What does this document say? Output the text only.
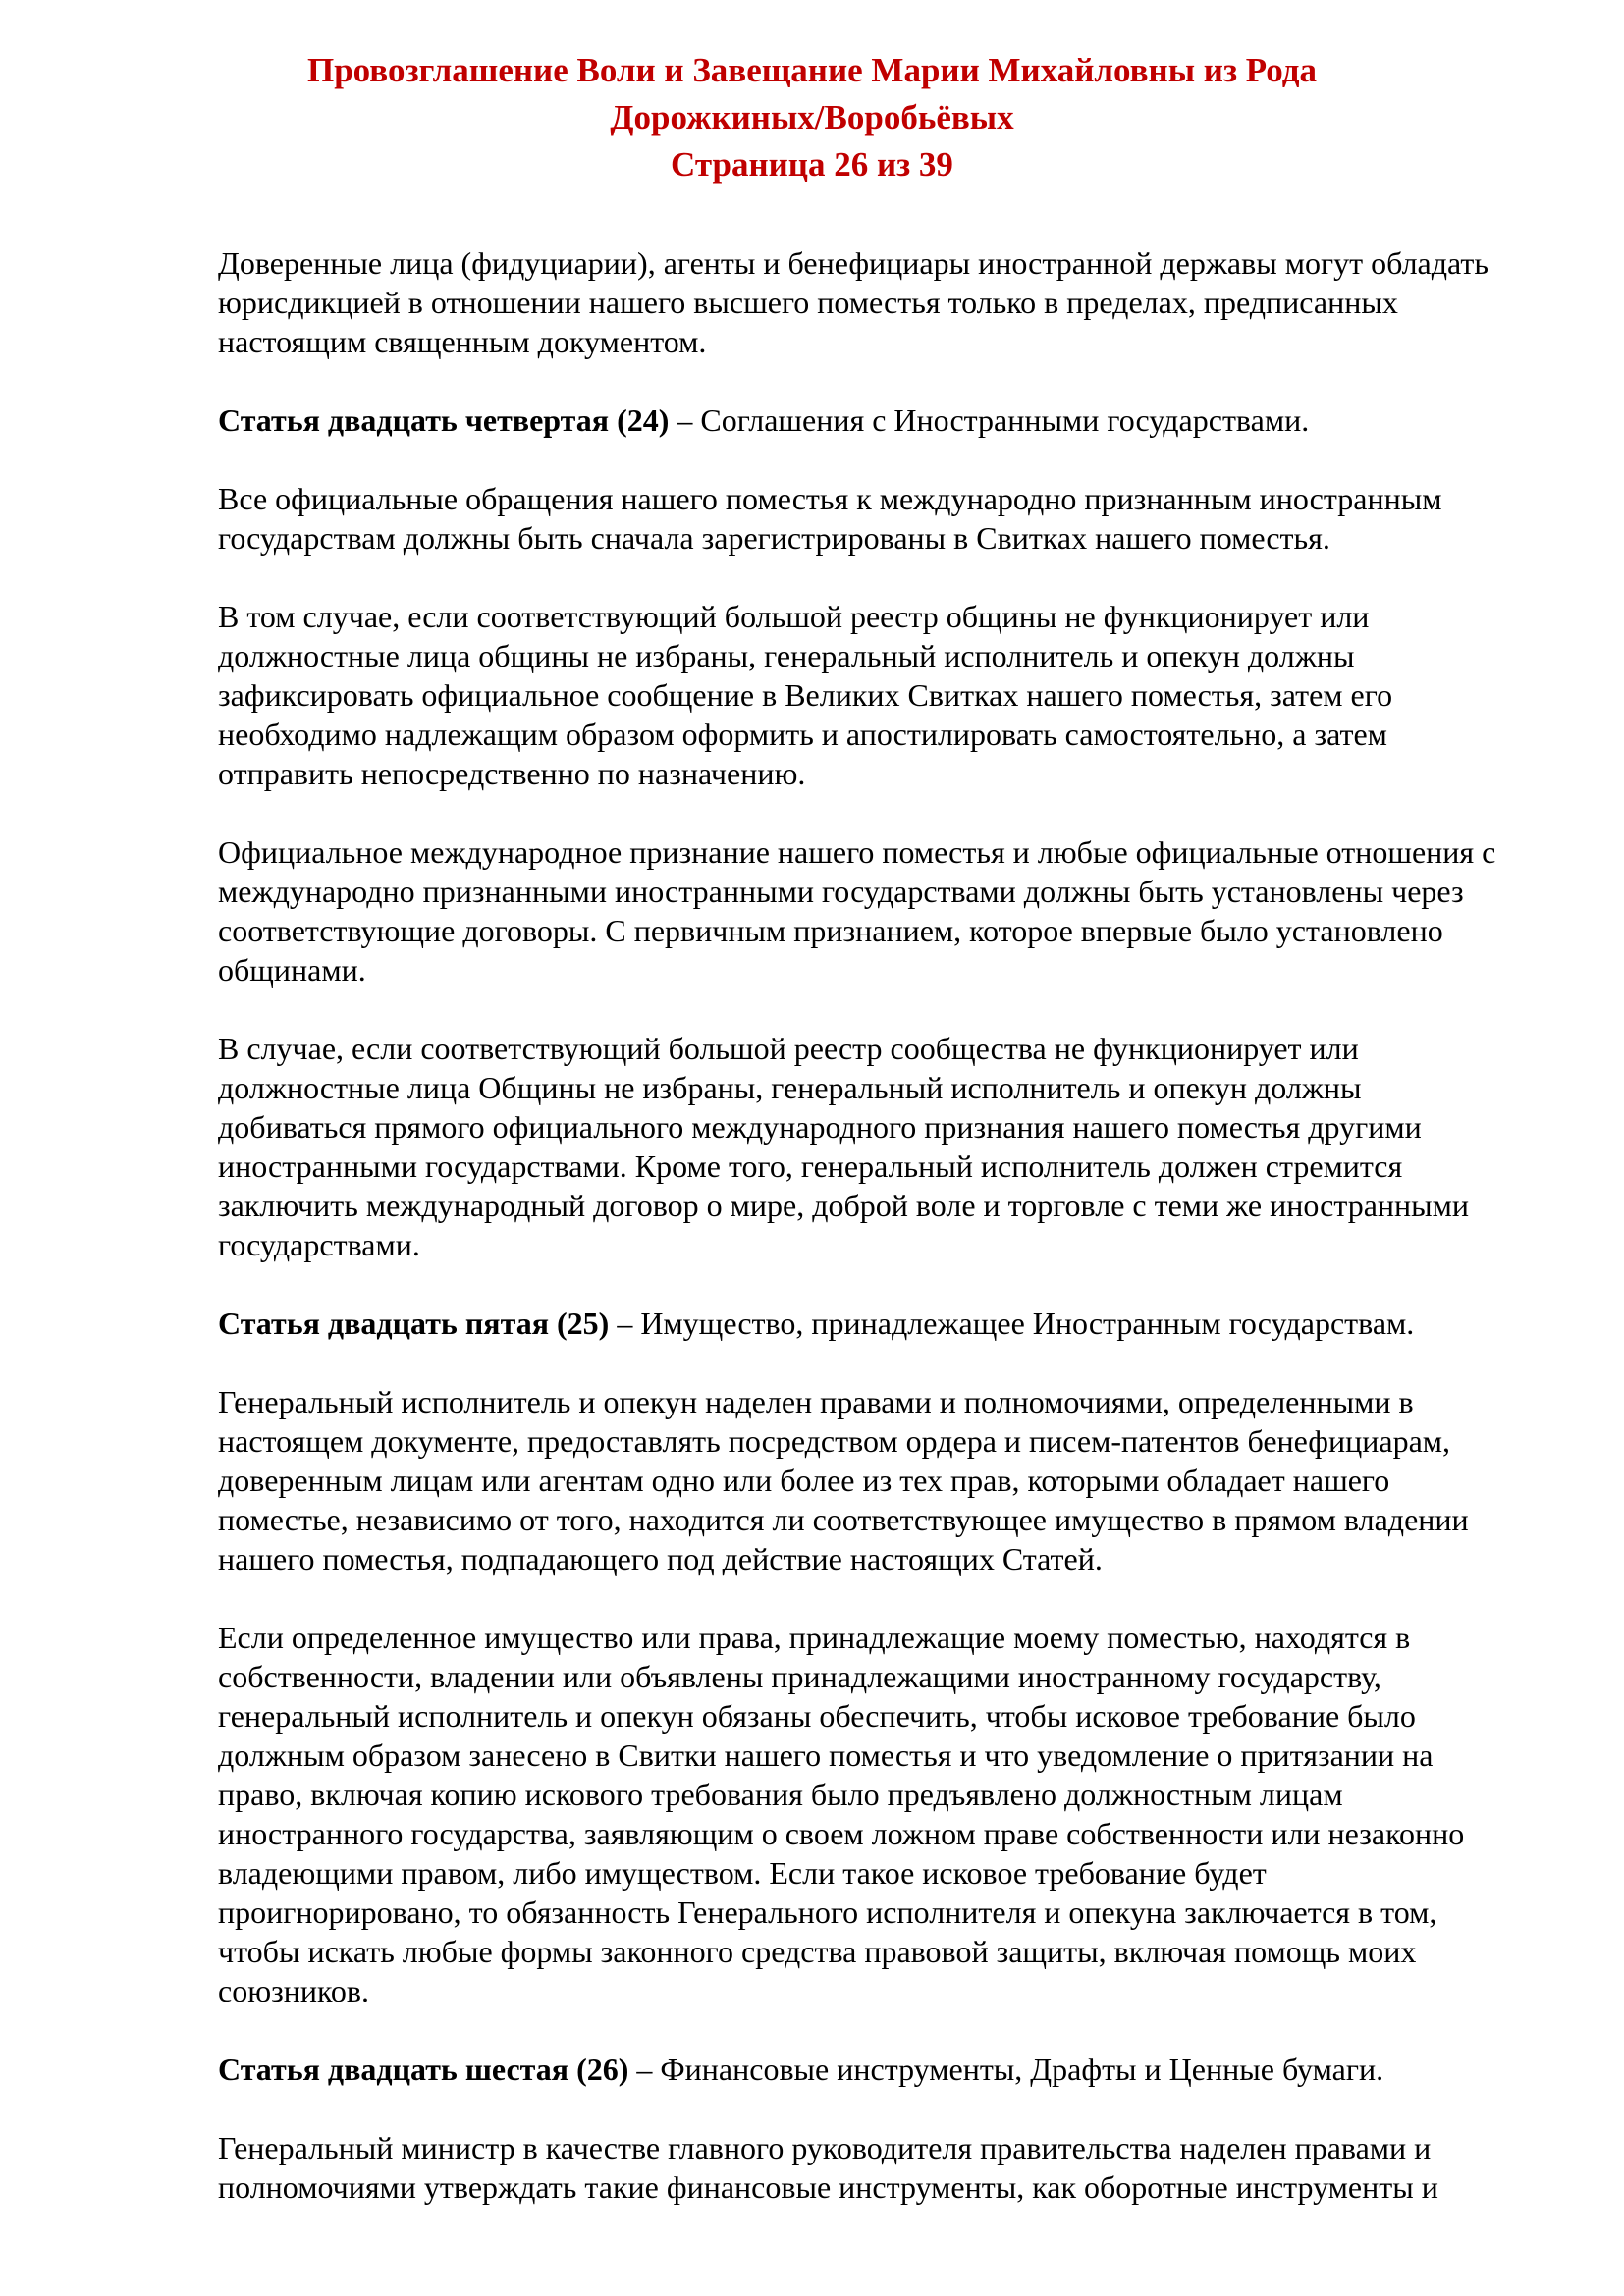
Провозглашение Воли и Завещание Марии Михайловны из Рода
Дорожкиных/Воробьёвых
Страница 26 из 39

Доверенные лица (фидуциарии), агенты и бенефициары иностранной державы могут обладать юрисдикцией в отношении нашего высшего поместья только в пределах, предписанных настоящим священным документом.

Статья двадцать четвертая (24) – Соглашения с Иностранными государствами.

Все официальные обращения нашего поместья к международно признанным иностранным государствам должны быть сначала зарегистрированы в Свитках нашего поместья.

В том случае, если соответствующий большой реестр общины не функционирует или должностные лица общины не избраны, генеральный исполнитель и опекун должны зафиксировать официальное сообщение в Великих Свитках нашего поместья, затем его необходимо надлежащим образом оформить и апостилировать самостоятельно, а затем отправить непосредственно по назначению.

Официальное международное признание нашего поместья и любые официальные отношения с международно признанными иностранными государствами должны быть установлены через соответствующие договоры. С первичным признанием, которое впервые было установлено общинами.

В случае, если соответствующий большой реестр сообщества не функционирует или должностные лица Общины не избраны, генеральный исполнитель и опекун должны добиваться прямого официального международного признания нашего поместья другими иностранными государствами. Кроме того, генеральный исполнитель должен стремится заключить международный договор о мире, доброй воле и торговле с теми же иностранными государствами.

Статья двадцать пятая (25) – Имущество, принадлежащее Иностранным государствам.

Генеральный исполнитель и опекун наделен правами и полномочиями, определенными в настоящем документе, предоставлять посредством ордера и писем-патентов бенефициарам, доверенным лицам или агентам одно или более из тех прав, которыми обладает нашего поместье, независимо от того, находится ли соответствующее имущество в прямом владении нашего поместья, подпадающего под действие настоящих Статей.

Если определенное имущество или права, принадлежащие моему поместью, находятся в собственности, владении или объявлены принадлежащими иностранному государству, генеральный исполнитель и опекун обязаны обеспечить, чтобы исковое требование было должным образом занесено в Свитки нашего поместья и что уведомление о притязании на право, включая копию искового требования было предъявлено должностным лицам иностранного государства, заявляющим о своем ложном праве собственности или незаконно владеющими правом, либо имуществом. Если такое исковое требование будет проигнорировано, то обязанность Генерального исполнителя и опекуна заключается в том, чтобы искать любые формы законного средства правовой защиты, включая помощь моих союзников.

Статья двадцать шестая (26) – Финансовые инструменты, Драфты и Ценные бумаги.

Генеральный министр в качестве главного руководителя правительства наделен правами и полномочиями утверждать такие финансовые инструменты, как оборотные инструменты и
